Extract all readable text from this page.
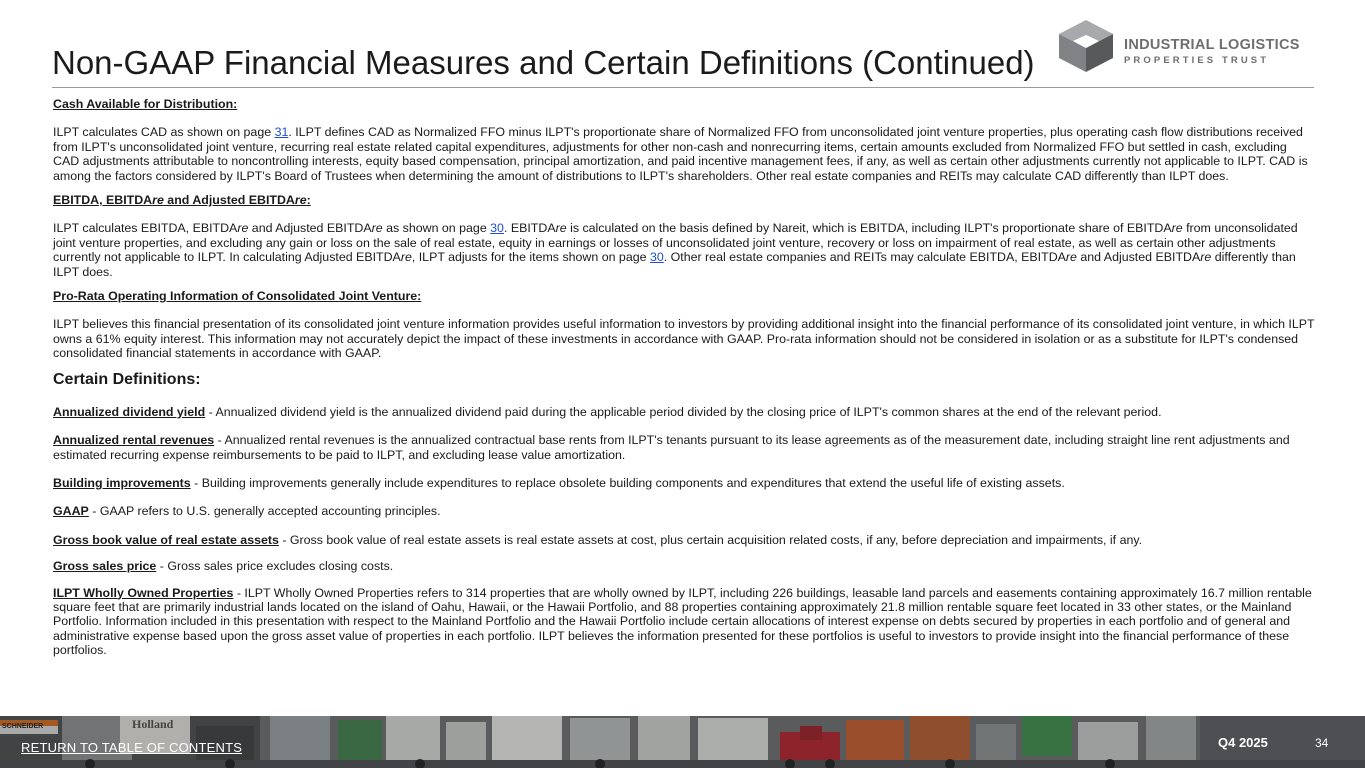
Non-GAAP Financial Measures and Certain Definitions (Continued)	INDUSTRIAL LOGISTICS
PROPERTIES TRUST

Cash Available for Distribution:

ILPT calculates CAD as shown on page 31. ILPT defines CAD as Normalized FFO minus ILPT's proportionate share of Normalized FFO from unconsolidated joint venture properties, plus operating cash flow distributions received from ILPT's unconsolidated joint venture, recurring real estate related capital expenditures, adjustments for other non-cash and nonrecurring items, certain amounts excluded from Normalized FFO but settled in cash, excluding CAD adjustments attributable to noncontrolling interests, equity based compensation, principal amortization, and paid incentive management fees, if any, as well as certain other adjustments currently not applicable to ILPT. CAD is among the factors considered by ILPT's Board of Trustees when determining the amount of distributions to ILPT's shareholders. Other real estate companies and REITs may calculate CAD differently than ILPT does.

EBITDA, EBITDAre and Adjusted EBITDAre:

ILPT calculates EBITDA, EBITDAre and Adjusted EBITDAre as shown on page 30. EBITDAre is calculated on the basis defined by Nareit, which is EBITDA, including ILPT's proportionate share of EBITDAre from unconsolidated joint venture properties, and excluding any gain or loss on the sale of real estate, equity in earnings or losses of unconsolidated joint venture, recovery or loss on impairment of real estate, as well as certain other adjustments currently not applicable to ILPT. In calculating Adjusted EBITDAre, ILPT adjusts for the items shown on page 30. Other real estate companies and REITs may calculate EBITDA, EBITDAre and Adjusted EBITDAre differently than ILPT does.

Pro-Rata Operating Information of Consolidated Joint Venture:

ILPT believes this financial presentation of its consolidated joint venture information provides useful information to investors by providing additional insight into the financial performance of its consolidated joint venture, in which ILPT owns a 61% equity interest. This information may not accurately depict the impact of these investments in accordance with GAAP. Pro-rata information should not be considered in isolation or as a substitute for ILPT's condensed consolidated financial statements in accordance with GAAP.

Certain Definitions:

Annualized dividend yield - Annualized dividend yield is the annualized dividend paid during the applicable period divided by the closing price of ILPT's common shares at the end of the relevant period.

Annualized rental revenues - Annualized rental revenues is the annualized contractual base rents from ILPT's tenants pursuant to its lease agreements as of the measurement date, including straight line rent adjustments and estimated recurring expense reimbursements to be paid to ILPT, and excluding lease value amortization.

Building improvements - Building improvements generally include expenditures to replace obsolete building components and expenditures that extend the useful life of existing assets.

GAAP - GAAP refers to U.S. generally accepted accounting principles.

Gross book value of real estate assets - Gross book value of real estate assets is real estate assets at cost, plus certain acquisition related costs, if any, before depreciation and impairments, if any.

Gross sales price - Gross sales price excludes closing costs.

ILPT Wholly Owned Properties - ILPT Wholly Owned Properties refers to 314 properties that are wholly owned by ILPT, including 226 buildings, leasable land parcels and easements containing approximately 16.7 million rentable square feet that are primarily industrial lands located on the island of Oahu, Hawaii, or the Hawaii Portfolio, and 88 properties containing approximately 21.8 million rentable square feet located in 33 other states, or the Mainland Portfolio. Information included in this presentation with respect to the Mainland Portfolio and the Hawaii Portfolio include certain allocations of interest expense on debts secured by properties in each portfolio and of general and administrative expense based upon the gross asset value of properties in each portfolio. ILPT believes the information presented for these portfolios is useful to investors to provide insight into the financial performance of these portfolios.

SCHNEIDER	Holland
RETURN TO TABLE OF CONTENTS	Q4 2025	34
